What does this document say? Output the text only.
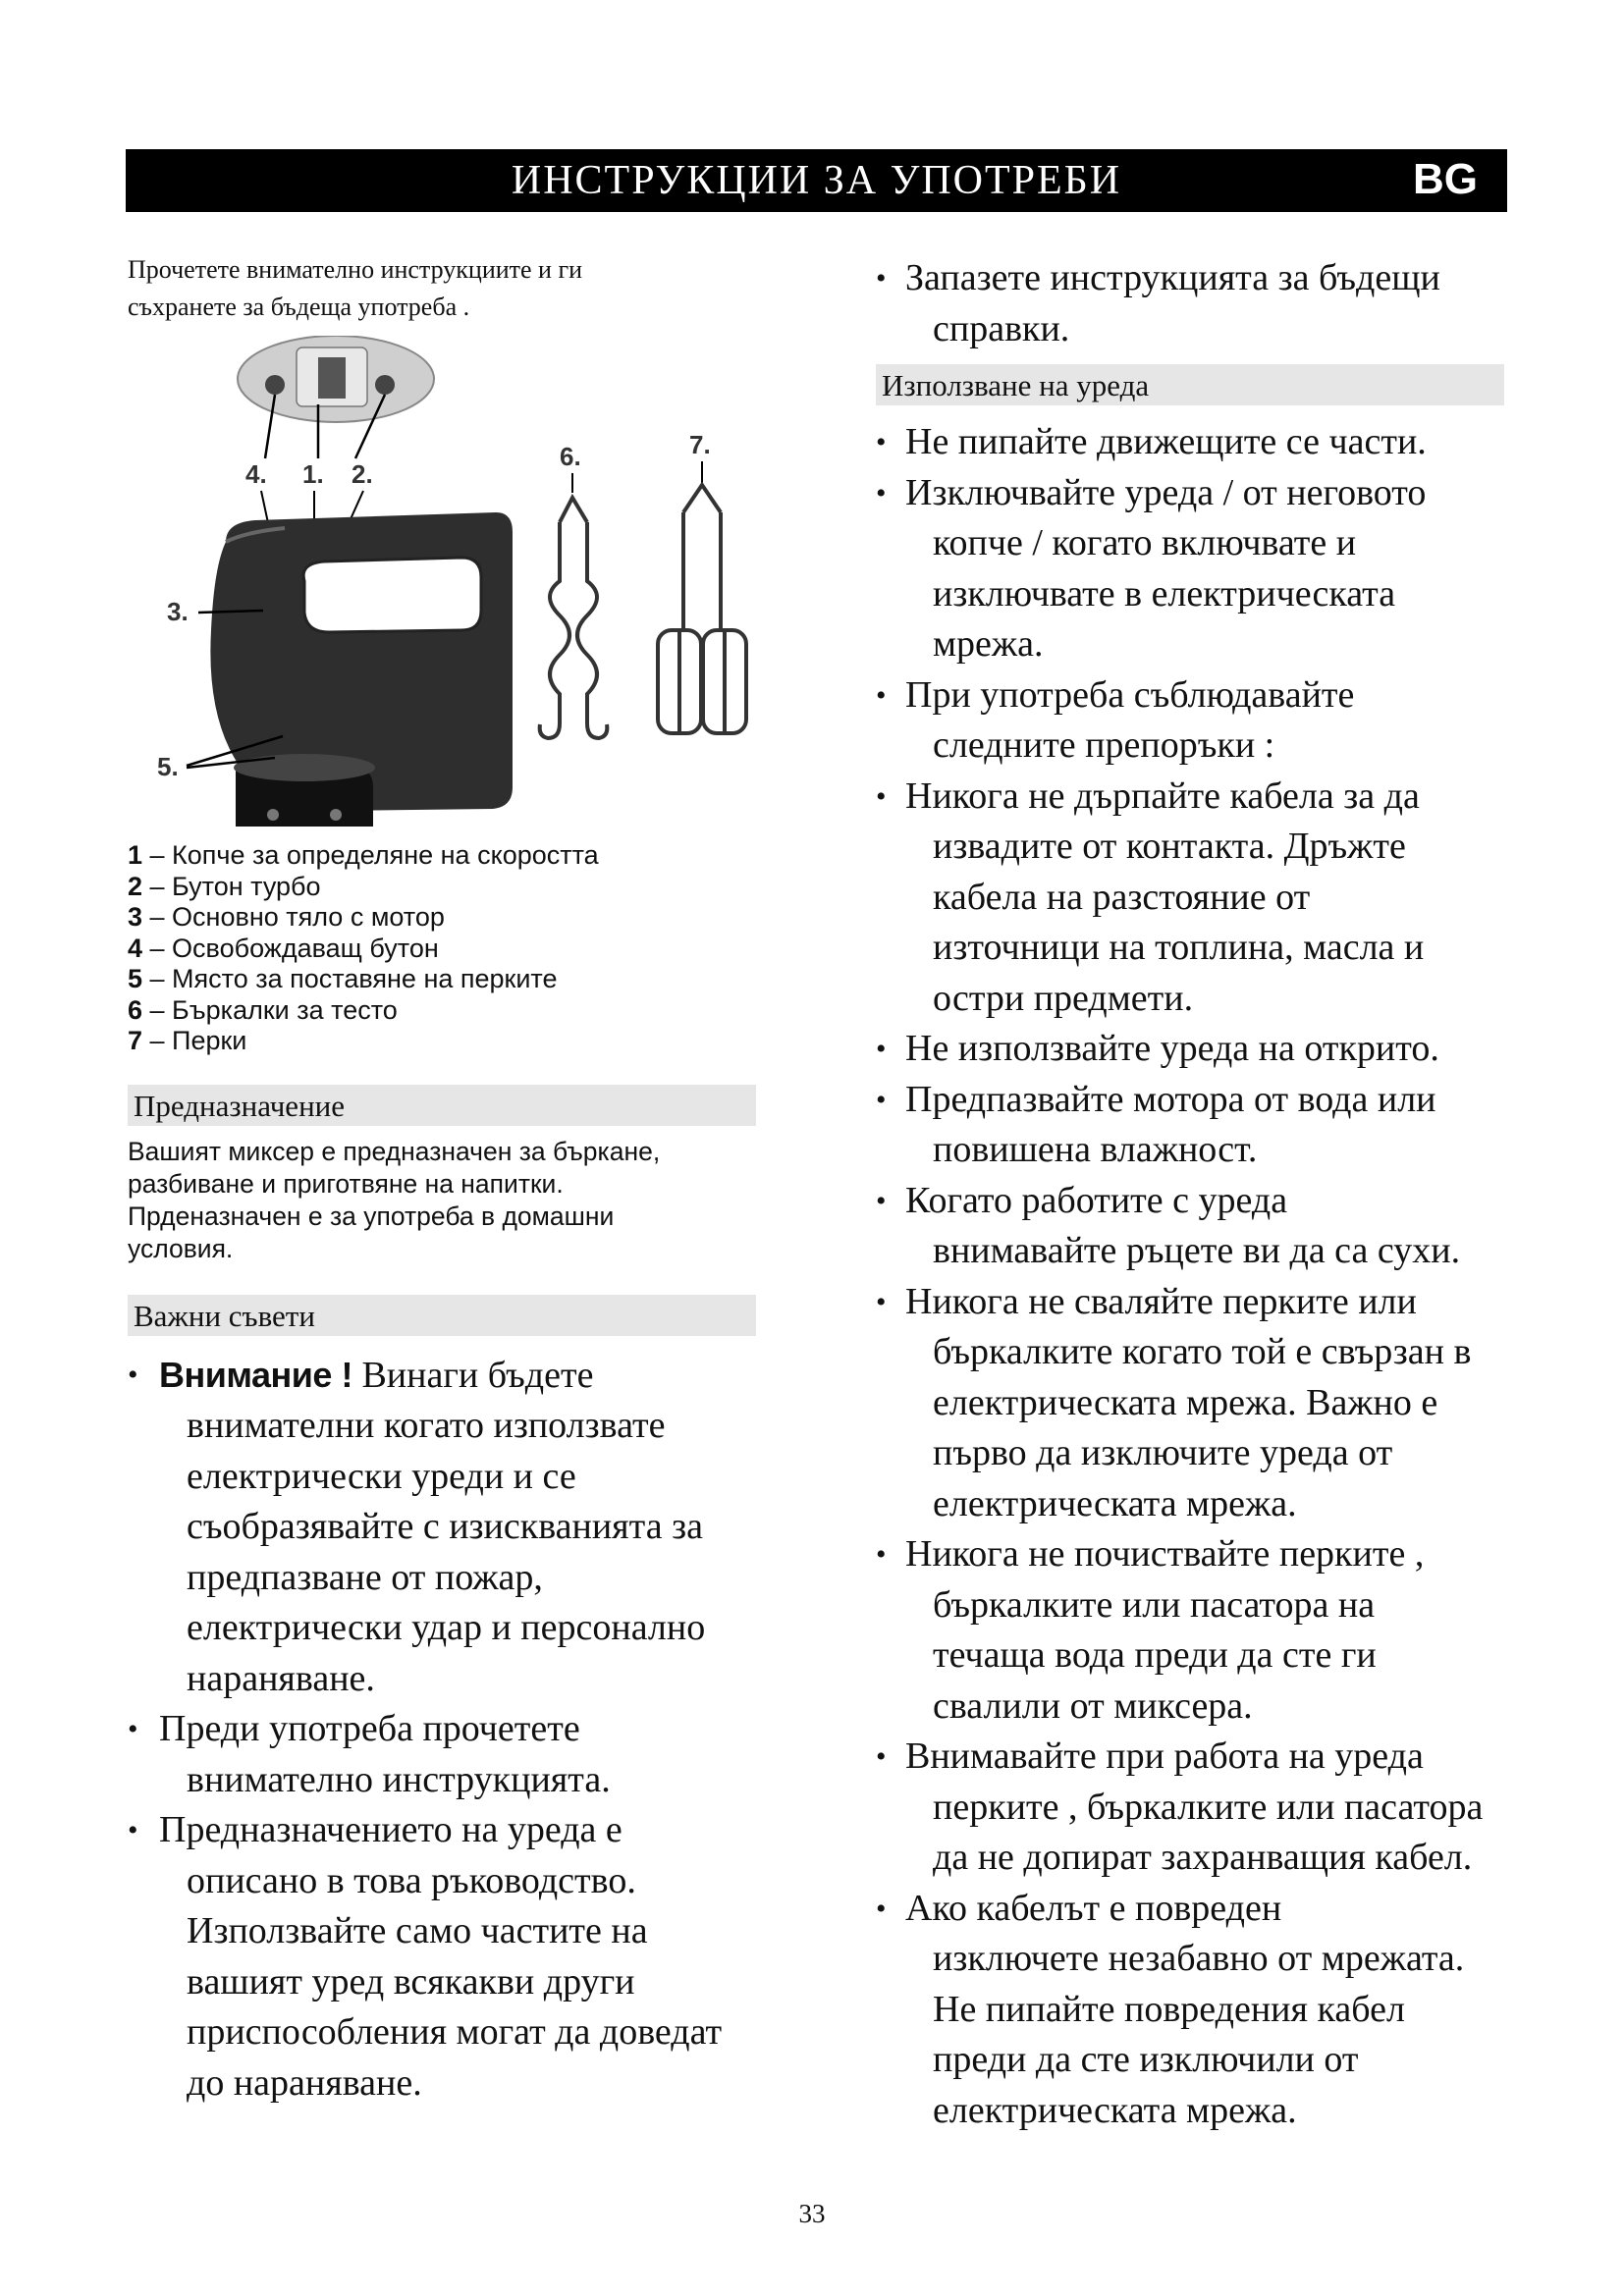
ИНСТРУКЦИИ ЗА УПОТРЕБИ	BG

Прочетете внимателно инструкциите и ги
съхранете за бъдеща употреба .

4. 1. 2.
3.
5.
6.	7.
1 – Копче за определяне на скоростта
2 – Бутон турбо
3 – Основно тяло с мотор
4 – Освобождаващ бутон
5 – Място за поставяне на перките
6 – Бъркалки за тесто
7 – Перки
Предназначение

Вашият миксер е предназначен за бъркане,
разбиване и приготвяне на напитки.
Прденазначен е за употреба в домашни
условия.

Важни съвети
• Внимание ! Винаги бъдете
внимателни когато използвате
електрически уреди и се
съобразявайте с изискванията за
предпазване от пожар,
електрически удар и персонално
нараняване.
• Преди употреба прочетете
внимателно инструкцията.
• Предназначението на уреда е
описано в това ръководство.
Използвайте само частите на
вашият уред всякакви други
приспособления могат да доведат
до нараняване.
• Запазете инструкцията за бъдещи
справки.
Използване на уреда
• Не пипайте движещите се части.
• Изключвайте уреда / от неговото
копче / когато включвате и
изключвате в електрическата
мрежа.
• При употреба съблюдавайте
следните препоръки :
• Никога не дърпайте кабела за да
извадите от контакта. Дръжте
кабела на разстояние от
източници на топлина, масла и
остри предмети.
• Не използвайте уреда на открито.
• Предпазвайте мотора от вода или
повишена влажност.
• Когато работите с уреда
внимавайте ръцете ви да са сухи.
• Никога не сваляйте перките или
бъркалките когато той е свързан в
електрическата мрежа. Важно е
първо да изключите уреда от
електрическата мрежа.
• Никога не почиствайте перките ,
бъркалките или пасатора на
течаща вода преди да сте ги
свалили от миксера.
• Внимавайте при работа на уреда
перките , бъркалките или пасатора
да не допират захранващия кабел.
• Ако кабелът е повреден
изключете незабавно от мрежата.
Не пипайте повредения кабел
преди да сте изключили от
електрическата мрежа.
33
